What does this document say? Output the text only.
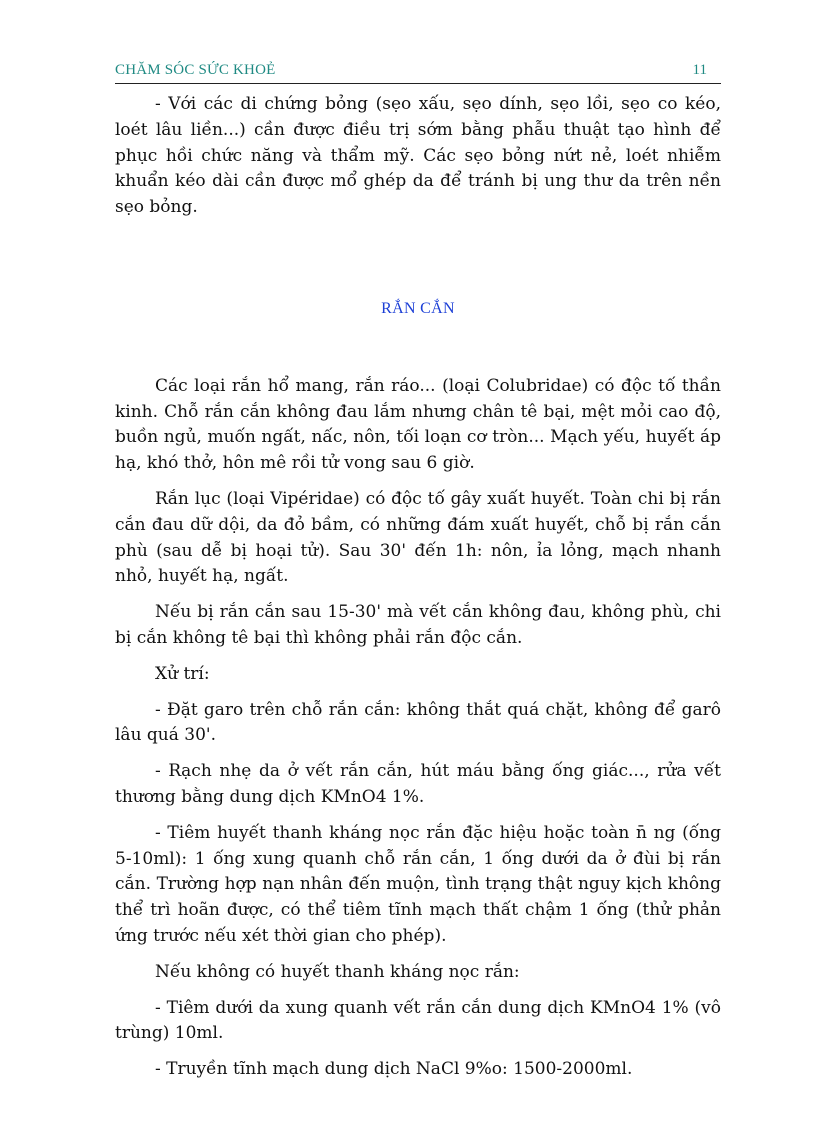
CHĂM SÓC SỨC KHOẺ	11

- Với các di chứng bỏng (sẹo xấu, sẹo dính, sẹo lồi, sẹo co kéo, loét lâu liền...) cần được điều trị sớm bằng phẫu thuật tạo hình để phục hồi chức năng và thẩm mỹ. Các sẹo bỏng nứt nẻ, loét nhiễm khuẩn kéo dài cần được mổ ghép da để tránh bị ung thư da trên nền sẹo bỏng.

RẮN CẮN

Các loại rắn hổ mang, rắn ráo... (loại Colubridae) có độc tố thần kinh. Chỗ rắn cắn không đau lắm nhưng chân tê bại, mệt mỏi cao độ, buồn ngủ, muốn ngất, nấc, nôn, tối loạn cơ tròn... Mạch yếu, huyết áp hạ, khó thở, hôn mê rồi tử vong sau 6 giờ.

Rắn lục (loại Vipéridae) có độc tố gây xuất huyết. Toàn chi bị rắn cắn đau dữ dội, da đỏ bầm, có những đám xuất huyết, chỗ bị rắn cắn phù (sau dễ bị hoại tử). Sau 30' đến 1h: nôn, ỉa lỏng, mạch nhanh nhỏ, huyết hạ, ngất.

Nếu bị rắn cắn sau 15-30' mà vết cắn không đau, không phù, chi bị cắn không tê bại thì không phải rắn độc cắn.

Xử trí:

- Đặt garo trên chỗ rắn cắn: không thắt quá chặt, không để garô lâu quá 30'.

- Rạch nhẹ da ở vết rắn cắn, hút máu bằng ống giác..., rửa vết thương bằng dung dịch KMnO4 1%.

- Tiêm huyết thanh kháng nọc rắn đặc hiệu hoặc toàn n̄ ng (ống 5-10ml): 1 ống xung quanh chỗ rắn cắn, 1 ống dưới da ở đùi bị rắn cắn. Trường hợp nạn nhân đến muộn, tình trạng thật nguy kịch không thể trì hoãn được, có thể tiêm tĩnh mạch thất chậm 1 ống (thử phản ứng trước nếu xét thời gian cho phép).

Nếu không có huyết thanh kháng nọc rắn:

- Tiêm dưới da xung quanh vết rắn cắn dung dịch KMnO4 1% (vô trùng) 10ml.

- Truyền tĩnh mạch dung dịch NaCl 9%o: 1500-2000ml.
